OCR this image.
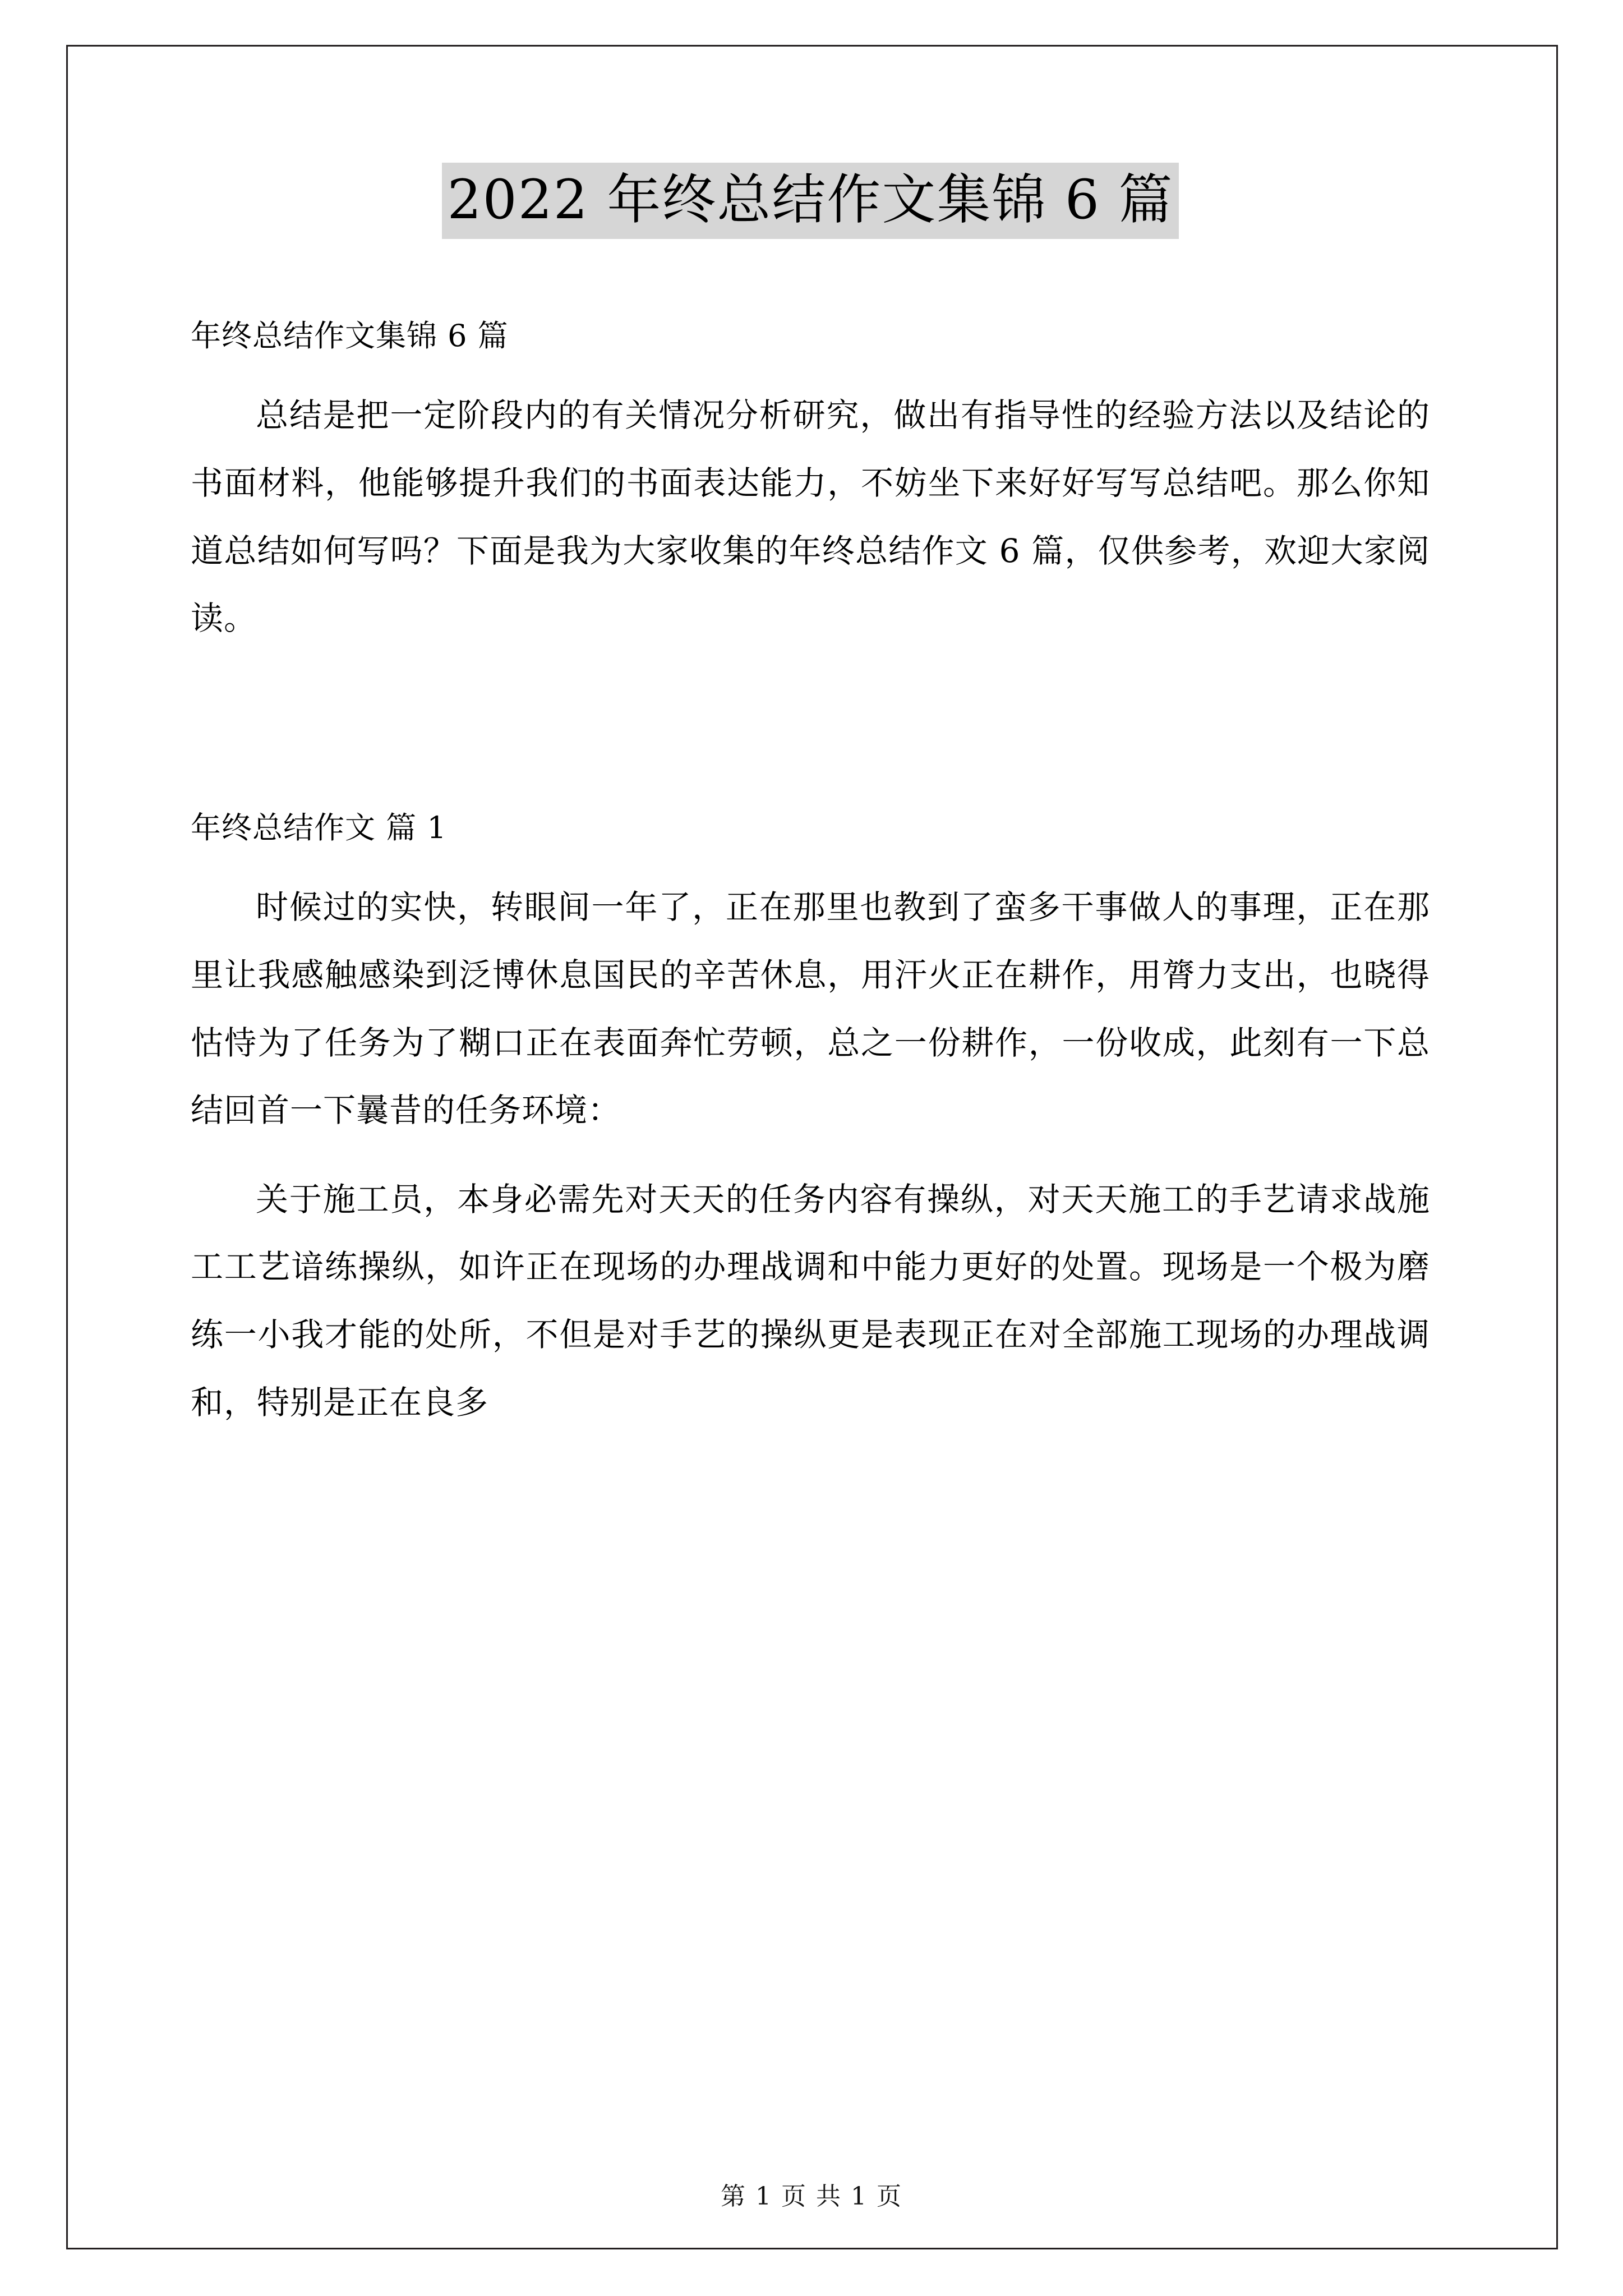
2022 年终总结作文集锦 6 篇
年终总结作文集锦 6 篇

总结是把一定阶段内的有关情况分析研究，做出有指导性的经验方法以及结论的书面材料，他能够提升我们的书面表达能力，不妨坐下来好好写写总结吧。那么你知道总结如何写吗？下面是我为大家收集的年终总结作文 6 篇，仅供参考，欢迎大家阅读。

年终总结作文 篇 1

时候过的实快，转眼间一年了，正在那里也教到了蛮多干事做人的事理，正在那里让我感触感染到泛博休息国民的辛苦休息，用汗火正在耕作，用膂力支出，也晓得怙恃为了任务为了糊口正在表面奔忙劳顿，总之一份耕作，一份收成，此刻有一下总结回首一下曩昔的任务环境：

关于施工员，本身必需先对天天的任务内容有操纵，对天天施工的手艺请求战施工工艺谙练操纵，如许正在现场的办理战调和中能力更好的处置。现场是一个极为磨练一小我才能的处所，不但是对手艺的操纵更是表现正在对全部施工现场的办理战调和，特别是正在良多

第 1 页 共 1 页
